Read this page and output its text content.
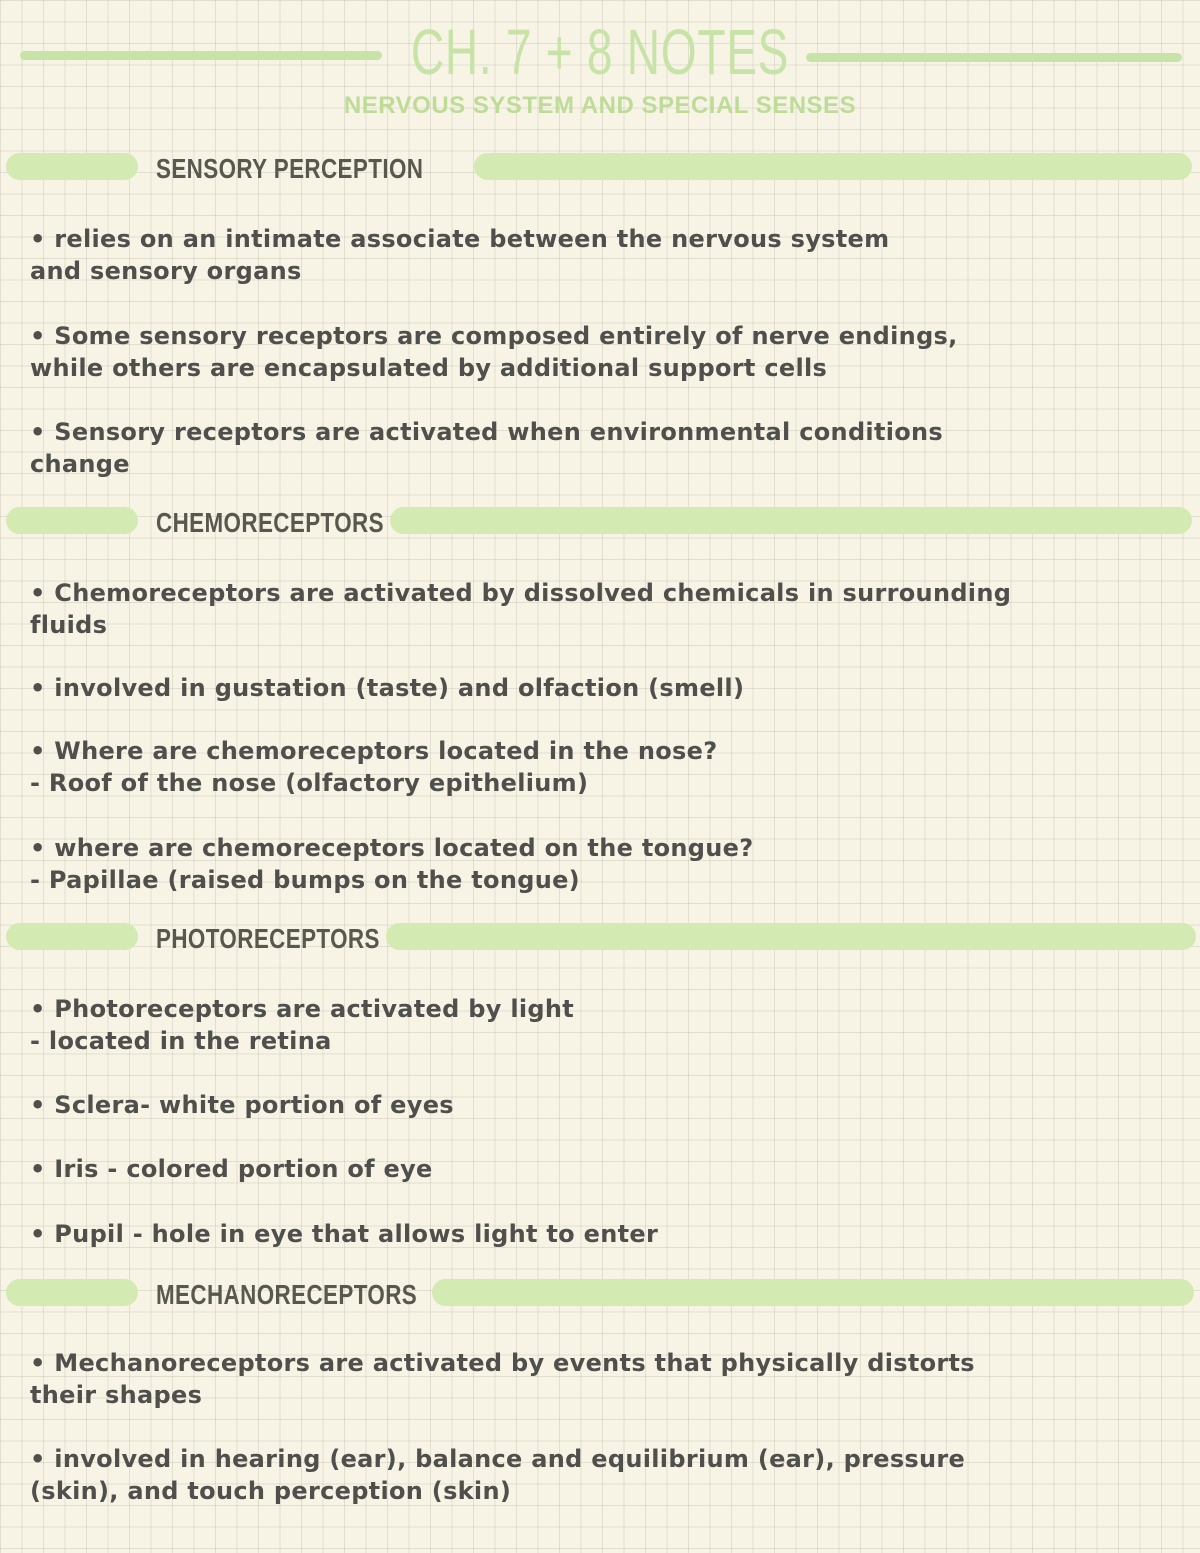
CH. 7 + 8 NOTES
NERVOUS SYSTEM AND SPECIAL SENSES
SENSORY PERCEPTION
• relies on an intimate associate between the nervous system
and sensory organs
• Some sensory receptors are composed entirely of nerve endings,
while others are encapsulated by additional support cells
• Sensory receptors are activated when environmental conditions
change
CHEMORECEPTORS
• Chemoreceptors are activated by dissolved chemicals in surrounding
fluids
• involved in gustation (taste) and olfaction (smell)
• Where are chemoreceptors located in the nose?
- Roof of the nose (olfactory epithelium)
• where are chemoreceptors located on the tongue?
- Papillae (raised bumps on the tongue)
PHOTORECEPTORS
• Photoreceptors are activated by light
- located in the retina
• Sclera- white portion of eyes
• Iris - colored portion of eye
• Pupil - hole in eye that allows light to enter
MECHANORECEPTORS
• Mechanoreceptors are activated by events that physically distorts
their shapes
• involved in hearing (ear), balance and equilibrium (ear), pressure
(skin), and touch perception (skin)
